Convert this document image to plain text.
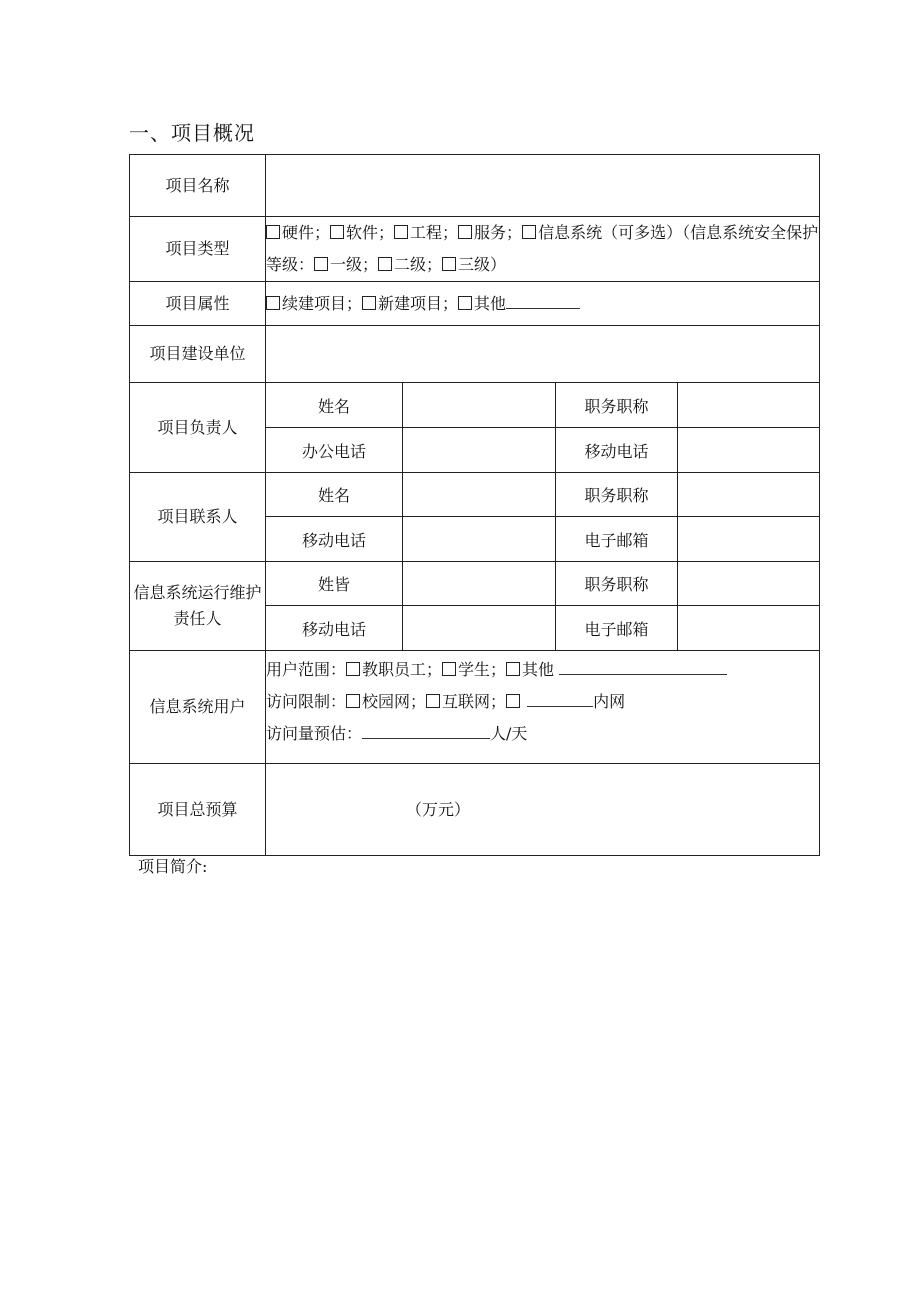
一、项目概况
项目名称				
项目类型	硬件； 软件； 工程； 服务； 信息系统（可多选）（信息系统安全保护等级： 一级； 二级； 三级）			
项目属性	续建项目； 新建项目； 其他			
项目建设单位				
项目负责人	姓名		职务职称	
	办公电话		移动电话	
项目联系人	姓名		职务职称	
	移动电话		电子邮箱	
信息系统运行维护责任人	姓皆		职务职称	
	移动电话		电子邮箱	
信息系统用户	用户范围： 教职员工； 学生； 其他
访问限制： 校园网； 互联网； 内网
访问量预估： 人/天			

项目总预算	（万元）			
项目简介:
